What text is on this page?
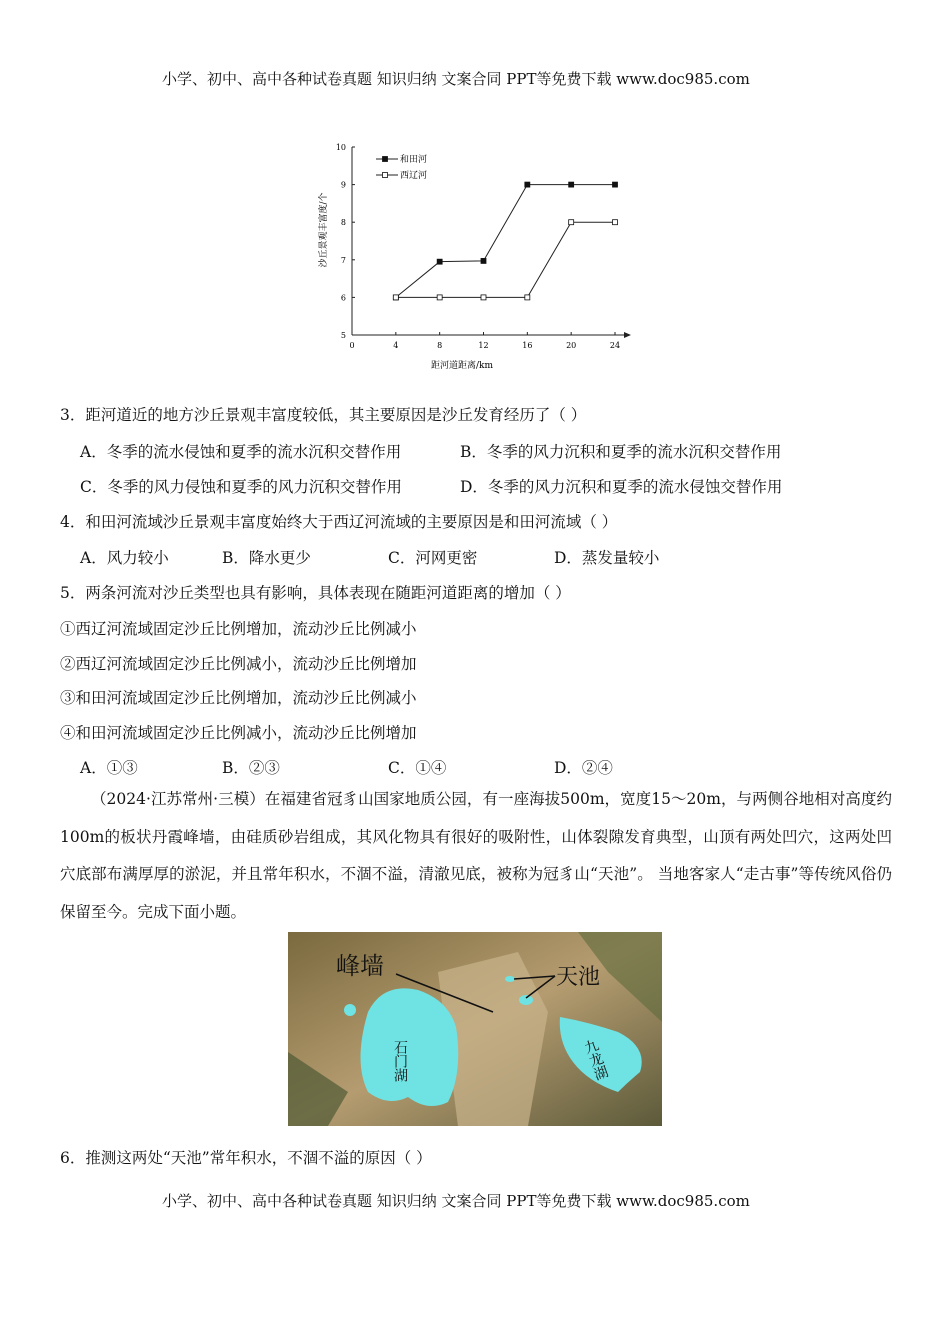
小学、初中、高中各种试卷真题 知识归纳 文案合同 PPT等免费下载 www.doc985.com
0	4	8	12	16	20	24
5
6
7
8
9
10
沙丘景观丰富度/个
距河道距离/km
和田河
西辽河
3．距河道近的地方沙丘景观丰富度较低，其主要原因是沙丘发育经历了（ ）
A．冬季的流水侵蚀和夏季的流水沉积交替作用	B．冬季的风力沉积和夏季的流水沉积交替作用
C．冬季的风力侵蚀和夏季的风力沉积交替作用	D．冬季的风力沉积和夏季的流水侵蚀交替作用
4．和田河流域沙丘景观丰富度始终大于西辽河流域的主要原因是和田河流域（ ）
A．风力较小	B．降水更少	C．河网更密	D．蒸发量较小
5．两条河流对沙丘类型也具有影响，具体表现在随距河道距离的增加（ ）
①西辽河流域固定沙丘比例增加，流动沙丘比例减小
②西辽河流域固定沙丘比例减小，流动沙丘比例增加
③和田河流域固定沙丘比例增加，流动沙丘比例减小
④和田河流域固定沙丘比例减小，流动沙丘比例增加
A．①③	B．②③	C．①④	D．②④
（2024·江苏常州·三模）在福建省冠豸山国家地质公园，有一座海拔500m，宽度15～20m，与两侧谷地相对高度约100m的板状丹霞峰墙，由硅质砂岩组成，其风化物具有很好的吸附性，山体裂隙发育典型，山顶有两处凹穴，这两处凹穴底部布满厚厚的淤泥，并且常年积水，不涸不溢，清澈见底，被称为冠豸山“天池”。 当地客家人“走古事”等传统风俗仍保留至今。完成下面小题。
峰墙	天池
石门湖	九龙湖
6．推测这两处“天池”常年积水，不涸不溢的原因（ ）
小学、初中、高中各种试卷真题 知识归纳 文案合同 PPT等免费下载 www.doc985.com
